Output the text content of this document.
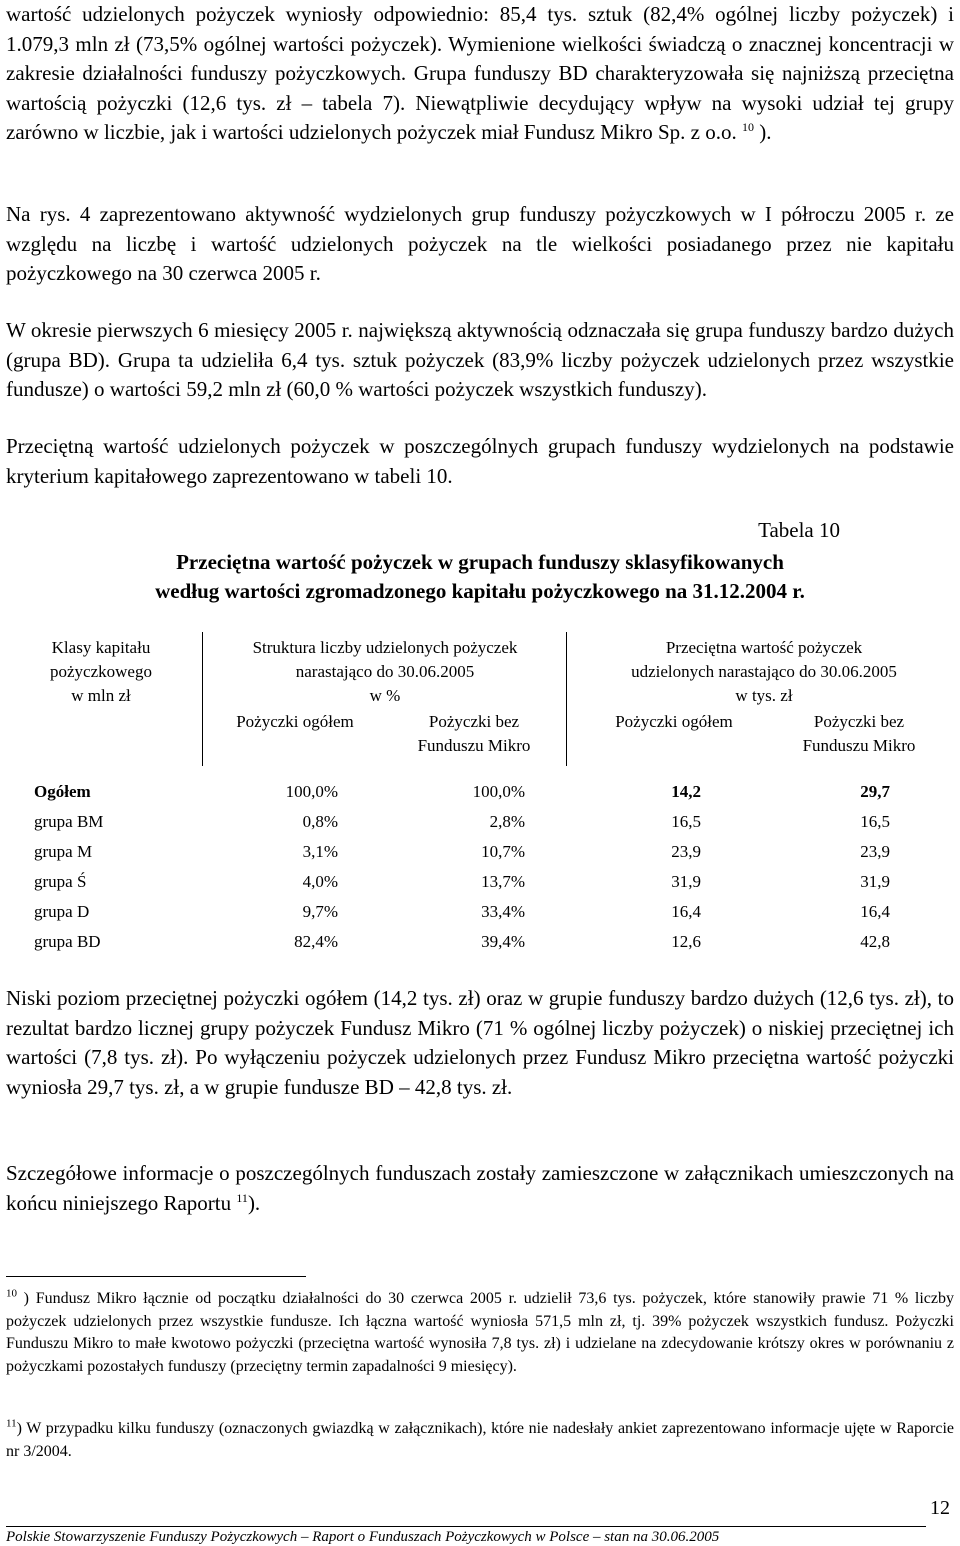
wartość udzielonych pożyczek wyniosły odpowiednio: 85,4 tys. sztuk (82,4% ogólnej liczby pożyczek) i 1.079,3 mln zł (73,5% ogólnej wartości pożyczek). Wymienione wielkości świadczą o znacznej koncentracji w zakresie działalności funduszy pożyczkowych. Grupa funduszy BD charakteryzowała się najniższą przeciętna wartością pożyczki (12,6 tys. zł – tabela 7). Niewątpliwie decydujący wpływ na wysoki udział tej grupy zarówno w liczbie, jak i wartości udzielonych pożyczek miał Fundusz Mikro Sp. z o.o. $^{10}$ ).

Na rys. 4 zaprezentowano aktywność wydzielonych grup funduszy pożyczkowych w I półroczu 2005 r. ze względu na liczbę i wartość udzielonych pożyczek na tle wielkości posiadanego przez nie kapitału pożyczkowego na 30 czerwca 2005 r.

W okresie pierwszych 6 miesięcy 2005 r. największą aktywnością odznaczała się grupa funduszy bardzo dużych (grupa BD). Grupa ta udzieliła 6,4 tys. sztuk pożyczek (83,9% liczby pożyczek udzielonych przez wszystkie fundusze) o wartości 59,2 mln zł (60,0 % wartości pożyczek wszystkich funduszy).

Przeciętną wartość udzielonych pożyczek w poszczególnych grupach funduszy wydzielonych na podstawie kryterium kapitałowego zaprezentowano w tabeli 10.

Tabela 10

Przeciętna wartość pożyczek w grupach funduszy sklasyfikowanych

według wartości zgromadzonego kapitału pożyczkowego na 31.12.2004 r.

Klasy kapitału
pożyczkowego
w mln zł
Struktura liczby udzielonych pożyczek
narastająco do 30.06.2005
w %
Przeciętna wartość pożyczek
udzielonych narastająco do 30.06.2005
w tys. zł
Pożyczki ogółem	Pożyczki bez
Funduszu Mikro
Pożyczki ogółem	Pożyczki bez
Funduszu Mikro
Ogółem
grupa BM
grupa M
grupa Ś
grupa D
grupa BD
100,0%
0,8%
3,1%
4,0%
9,7%
82,4%
100,0%
2,8%
10,7%
13,7%
33,4%
39,4%
14,2
16,5
23,9
31,9
16,4
12,6
29,7
16,5
23,9
31,9
16,4
42,8

Niski poziom przeciętnej pożyczki ogółem (14,2 tys. zł) oraz w grupie funduszy bardzo dużych (12,6 tys. zł), to rezultat bardzo licznej grupy pożyczek Fundusz Mikro (71 % ogólnej liczby pożyczek) o niskiej przeciętnej ich wartości (7,8 tys. zł). Po wyłączeniu pożyczek udzielonych przez Fundusz Mikro przeciętna wartość pożyczki wyniosła 29,7 tys. zł, a w grupie fundusze BD – 42,8 tys. zł.

Szczegółowe informacje o poszczególnych funduszach zostały zamieszczone w załącznikach umieszczonych na końcu niniejszego Raportu $^{11}$).

$^{10}$ ) Fundusz Mikro łącznie od początku działalności do 30 czerwca 2005 r. udzielił 73,6 tys. pożyczek, które stanowiły prawie 71 % liczby pożyczek udzielonych przez wszystkie fundusze. Ich łączna wartość wyniosła 571,5 mln zł, tj. 39% pożyczek wszystkich fundusz. Pożyczki Funduszu Mikro to małe kwotowo pożyczki (przeciętna wartość wynosiła 7,8 tys. zł) i udzielane na zdecydowanie krótszy okres w porównaniu z pożyczkami pozostałych funduszy (przeciętny termin zapadalności 9 miesięcy).

$^{11}$) W przypadku kilku funduszy (oznaczonych gwiazdką w załącznikach), które nie nadesłały ankiet zaprezentowano informacje ujęte w Raporcie nr 3/2004.

12
Polskie Stowarzyszenie Funduszy Pożyczkowych – Raport o Funduszach Pożyczkowych w Polsce – stan na 30.06.2005
